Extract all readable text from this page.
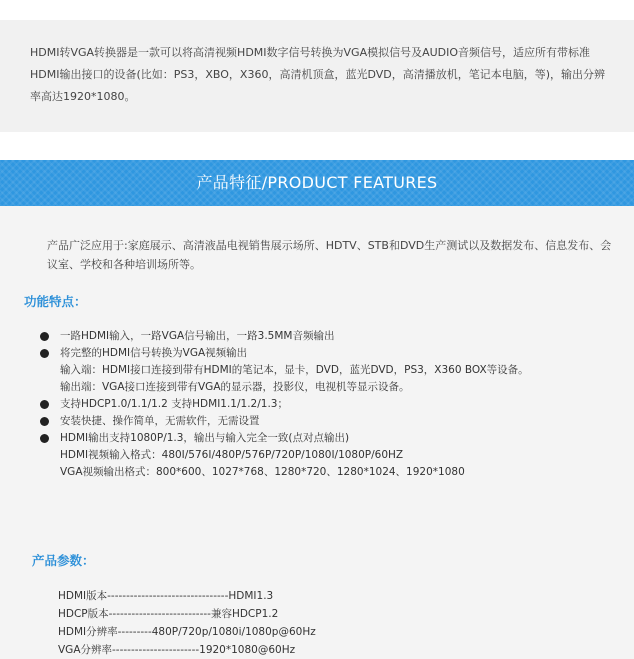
HDMI转VGA转换器是一款可以将高清视频HDMI数字信号转换为VGA模拟信号及AUDIO音频信号，适应所有带标准HDMI输出接口的设备(比如：PS3，XBO，X360，高清机顶盒，蓝光DVD，高清播放机，笔记本电脑，等)，输出分辨率高达1920*1080。

产品特征/PRODUCT FEATURES

产品广泛应用于:家庭展示、高清液晶电视销售展示场所、HDTV、STB和DVD生产测试以及数据发布、信息发布、会议室、学校和各种培训场所等。

功能特点：
一路HDMI输入，一路VGA信号输出，一路3.5MM音频输出
将完整的HDMI信号转换为VGA视频输出
输入端：HDMI接口连接到带有HDMI的笔记本，显卡，DVD，蓝光DVD，PS3，X360 BOX等设备。
输出端：VGA接口连接到带有VGA的显示器，投影仪，电视机等显示设备。
支持HDCP1.0/1.1/1.2 支持HDMI1.1/1.2/1.3；
安装快捷、操作简单，无需软件，无需设置
HDMI输出支持1080P/1.3，输出与输入完全一致(点对点输出)
HDMI视频输入格式：480I/576I/480P/576P/720P/1080I/1080P/60HZ
VGA视频输出格式：800*600、1027*768、1280*720、1280*1024、1920*1080
产品参数：
HDMI版本--------------------------------HDMI1.3
HDCP版本---------------------------兼容HDCP1.2
HDMI分辨率---------480P/720p/1080i/1080p@60Hz
VGA分辨率-----------------------1920*1080@60Hz
